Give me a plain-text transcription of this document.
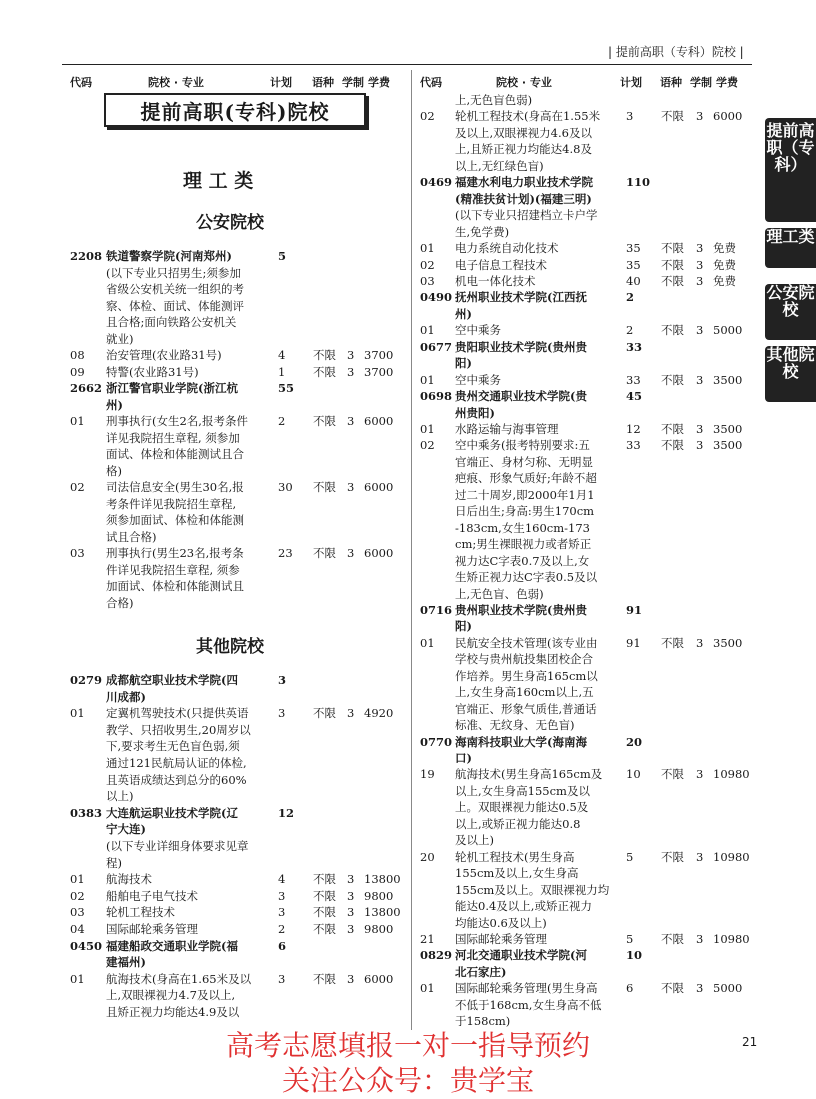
| 提前高职（专科）院校 |
代码	院校 · 专业	计划 语种 学制 学费	代码	院校 · 专业	计划 语种 学制 学费
提前高职(专科)院校
理 工 类
公安院校
其他院校
2208 铁道警察学院(河南郑州)	5
(以下专业只招男生;须参加
省级公安机关统一组织的考
察、体检、面试、体能测评
且合格;面向铁路公安机关
就业)
08 治安管理(农业路31号)	4 不限 3 3700
09 特警(农业路31号)	1 不限 3 3700
2662 浙江警官职业学院(浙江杭	55
州)
01 刑事执行(女生2名,报考条件	2 不限 3 6000
详见我院招生章程, 须参加
面试、体检和体能测试且合
格)
02 司法信息安全(男生30名,报	30 不限 3 6000
考条件详见我院招生章程,
须参加面试、体检和体能测
试且合格)
03 刑事执行(男生23名,报考条	23 不限 3 6000
件详见我院招生章程, 须参
加面试、体检和体能测试且
合格)
0279 成都航空职业技术学院(四	3
川成都)
01 定翼机驾驶技术(只提供英语	3 不限 3 4920
教学、只招收男生,20周岁以
下,要求考生无色盲色弱,须
通过121民航局认证的体检,
且英语成绩达到总分的60%
以上)
0383 大连航运职业技术学院(辽	12
宁大连)
(以下专业详细身体要求见章
程)
01 航海技术	4 不限 3 13800
02 船舶电子电气技术	3 不限 3 9800
03 轮机工程技术	3 不限 3 13800
04 国际邮轮乘务管理	2 不限 3 9800
0450 福建船政交通职业学院(福	6
建福州)
01 航海技术(身高在1.65米及以 3 不限 3 6000
上,双眼裸视力4.7及以上,
且矫正视力均能达4.9及以
上,无色盲色弱)
02 轮机工程技术(身高在1.55米 3 不限 3 6000
及以上,双眼裸视力4.6及以
上,且矫正视力均能达4.8及
以上,无红绿色盲)
0469 福建水利电力职业技术学院	110
(精准扶贫计划)(福建三明)
(以下专业只招建档立卡户学
生,免学费)
01 电力系统自动化技术	35 不限 3 免费
02 电子信息工程技术	35 不限 3 免费
03 机电一体化技术	40 不限 3 免费
0490 抚州职业技术学院(江西抚	2
州)
01 空中乘务	2 不限 3 5000
0677 贵阳职业技术学院(贵州贵	33
阳)
01 空中乘务	33 不限 3 3500
0698 贵州交通职业技术学院(贵	45
州贵阳)
01 水路运输与海事管理	12 不限 3 3500
02 空中乘务(报考特别要求:五	33 不限 3 3500
官端正、身材匀称、无明显
疤痕、形象气质好;年龄不超
过二十周岁,即2000年1月1
日后出生;身高:男生170cm
-183cm,女生160cm-173
cm;男生裸眼视力或者矫正
视力达C字表0.7及以上,女
生矫正视力达C字表0.5及以
上,无色盲、色弱)
0716 贵州职业技术学院(贵州贵	91
阳)
01 民航安全技术管理(该专业由 91 不限 3 3500
学校与贵州航投集团校企合
作培养。男生身高165cm以
上,女生身高160cm以上,五
官端正、形象气质佳,普通话
标准、无纹身、无色盲)
0770 海南科技职业大学(海南海	20
口)
19 航海技术(男生身高165cm及 10 不限 3 10980
以上,女生身高155cm及以
上。双眼裸视力能达0.5及
以上,或矫正视力能达0.8
及以上)
20 轮机工程技术(男生身高	5 不限 3 10980
155cm及以上,女生身高
155cm及以上。双眼裸视力均
能达0.4及以上,或矫正视力
均能达0.6及以上)
21 国际邮轮乘务管理	5 不限 3 10980
0829 河北交通职业技术学院(河	10
北石家庄)
01 国际邮轮乘务管理(男生身高 6 不限 3 5000
不低于168cm,女生身高不低
于158cm)
提前高职（专科）
理工类
公安院校
其他院校
21
高考志愿填报一对一指导预约
关注公众号：贵学宝
